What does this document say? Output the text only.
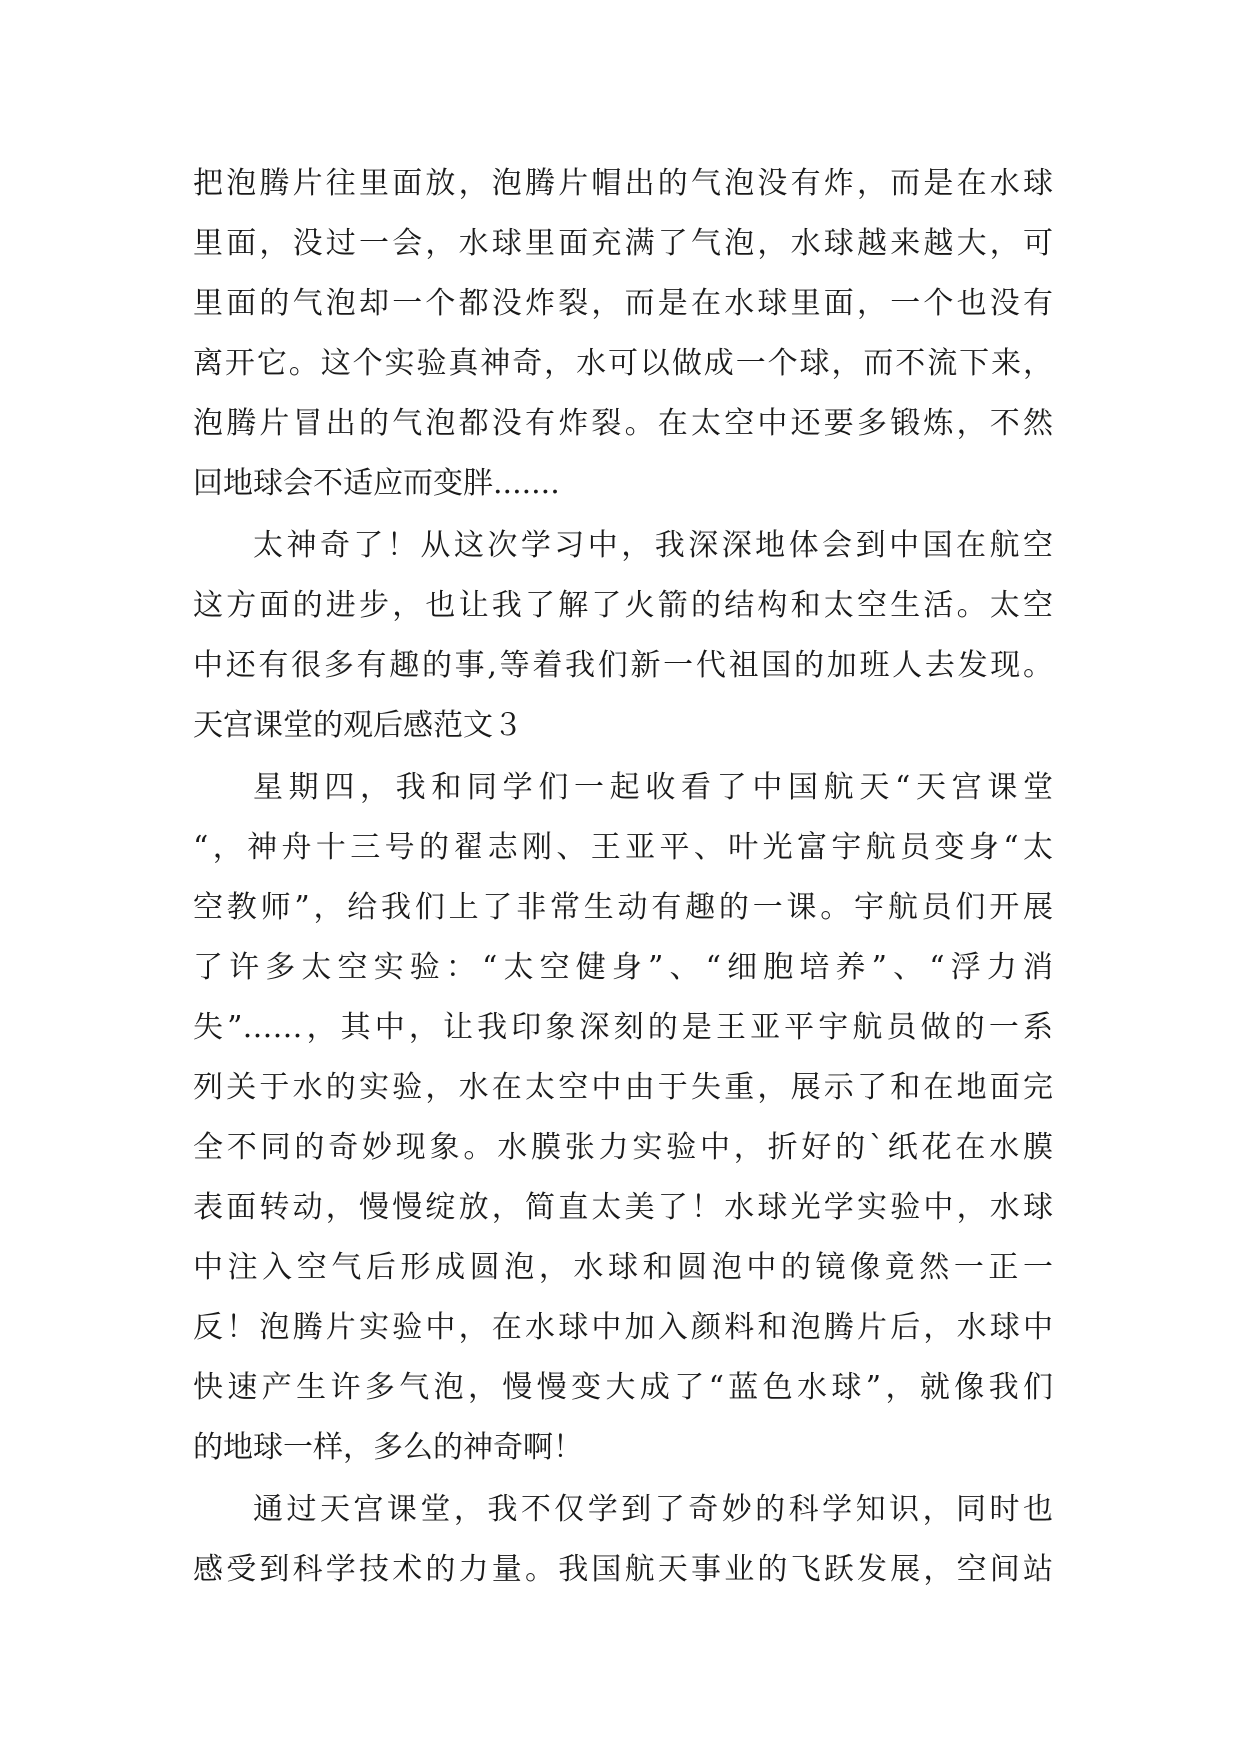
把泡腾片往里面放，泡腾片帽出的气泡没有炸，而是在水球
里面，没过一会，水球里面充满了气泡，水球越来越大，可
里面的气泡却一个都没炸裂，而是在水球里面，一个也没有
离开它。这个实验真神奇，水可以做成一个球，而不流下来，
泡腾片冒出的气泡都没有炸裂。在太空中还要多锻炼，不然
回地球会不适应而变胖.......
太神奇了！从这次学习中，我深深地体会到中国在航空
这方面的进步，也让我了解了火箭的结构和太空生活。太空
中还有很多有趣的事,等着我们新一代祖国的加班人去发现。
天宫课堂的观后感范文３
星期四，我和同学们一起收看了中国航天“天宫课堂
“，神舟十三号的翟志刚、王亚平、叶光富宇航员变身“太
空教师”，给我们上了非常生动有趣的一课。宇航员们开展
了许多太空实验：“太空健身”、“细胞培养”、“浮力消
失”……，其中，让我印象深刻的是王亚平宇航员做的一系
列关于水的实验，水在太空中由于失重，展示了和在地面完
全不同的奇妙现象。水膜张力实验中，折好的`纸花在水膜
表面转动，慢慢绽放，简直太美了！水球光学实验中，水球
中注入空气后形成圆泡，水球和圆泡中的镜像竟然一正一
反！泡腾片实验中，在水球中加入颜料和泡腾片后，水球中
快速产生许多气泡，慢慢变大成了“蓝色水球”，就像我们
的地球一样，多么的神奇啊！
通过天宫课堂，我不仅学到了奇妙的科学知识，同时也
感受到科学技术的力量。我国航天事业的飞跃发展，空间站
